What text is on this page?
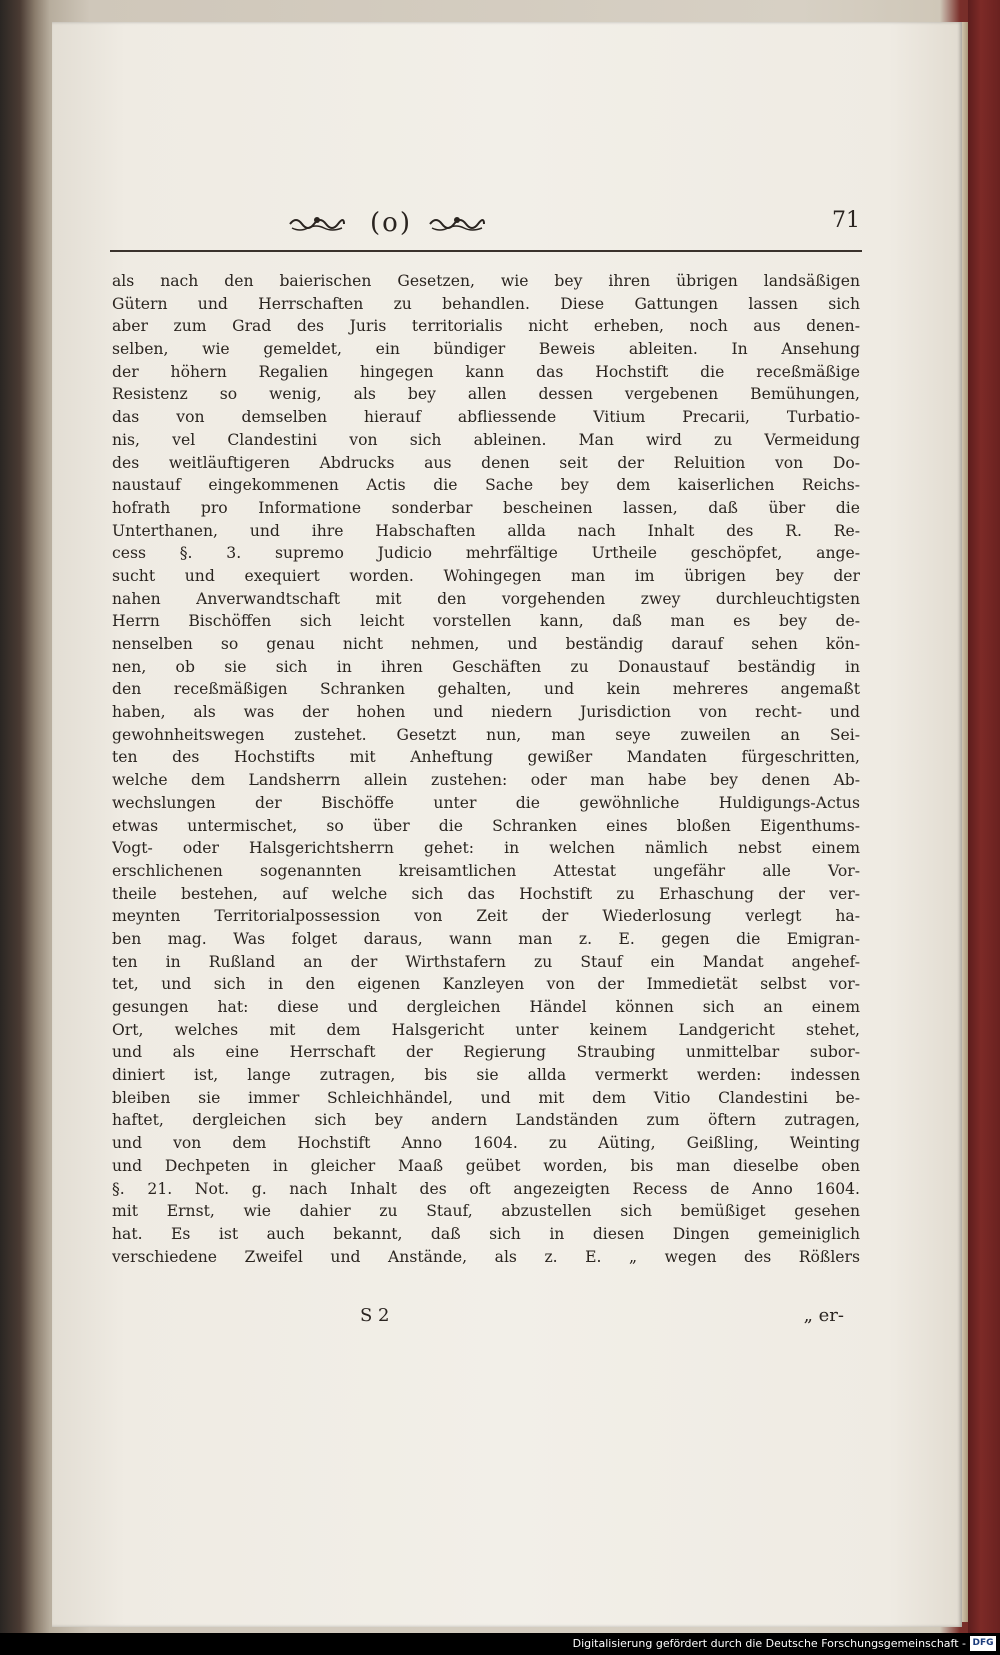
(o)	71
als nach den baierischen Gesetzen, wie bey ihren übrigen landsäßigen
Gütern und Herrschaften zu behandlen. Diese Gattungen lassen sich
aber zum Grad des Juris territorialis nicht erheben, noch aus denen-
selben, wie gemeldet, ein bündiger Beweis ableiten. In Ansehung
der höhern Regalien hingegen kann das Hochstift die receßmäßige
Resistenz so wenig, als bey allen dessen vergebenen Bemühungen,
das von demselben hierauf abfliessende Vitium Precarii, Turbatio-
nis, vel Clandestini von sich ableinen. Man wird zu Vermeidung
des weitläuftigeren Abdrucks aus denen seit der Reluition von Do-
naustauf eingekommenen Actis die Sache bey dem kaiserlichen Reichs-
hofrath pro Informatione sonderbar bescheinen lassen, daß über die
Unterthanen, und ihre Habschaften allda nach Inhalt des R. Re-
cess §. 3. supremo Judicio mehrfältige Urtheile geschöpfet, ange-
sucht und exequiert worden. Wohingegen man im übrigen bey der
nahen Anverwandtschaft mit den vorgehenden zwey durchleuchtigsten
Herrn Bischöffen sich leicht vorstellen kann, daß man es bey de-
nenselben so genau nicht nehmen, und beständig darauf sehen kön-
nen, ob sie sich in ihren Geschäften zu Donaustauf beständig in
den receßmäßigen Schranken gehalten, und kein mehreres angemaßt
haben, als was der hohen und niedern Jurisdiction von recht- und
gewohnheitswegen zustehet. Gesetzt nun, man seye zuweilen an Sei-
ten des Hochstifts mit Anheftung gewißer Mandaten fürgeschritten,
welche dem Landsherrn allein zustehen: oder man habe bey denen Ab-
wechslungen der Bischöffe unter die gewöhnliche Huldigungs-Actus
etwas untermischet, so über die Schranken eines bloßen Eigenthums-
Vogt- oder Halsgerichtsherrn gehet: in welchen nämlich nebst einem
erschlichenen sogenannten kreisamtlichen Attestat ungefähr alle Vor-
theile bestehen, auf welche sich das Hochstift zu Erhaschung der ver-
meynten Territorialpossession von Zeit der Wiederlosung verlegt ha-
ben mag. Was folget daraus, wann man z. E. gegen die Emigran-
ten in Rußland an der Wirthstafern zu Stauf ein Mandat angehef-
tet, und sich in den eigenen Kanzleyen von der Immedietät selbst vor-
gesungen hat: diese und dergleichen Händel können sich an einem
Ort, welches mit dem Halsgericht unter keinem Landgericht stehet,
und als eine Herrschaft der Regierung Straubing unmittelbar subor-
diniert ist, lange zutragen, bis sie allda vermerkt werden: indessen
bleiben sie immer Schleichhändel, und mit dem Vitio Clandestini be-
haftet, dergleichen sich bey andern Landständen zum öftern zutragen,
und von dem Hochstift Anno 1604. zu Aüting, Geißling, Weinting
und Dechpeten in gleicher Maaß geübet worden, bis man dieselbe oben
§. 21. Not. g. nach Inhalt des oft angezeigten Recess de Anno 1604.
mit Ernst, wie dahier zu Stauf, abzustellen sich bemüßiget gesehen
hat. Es ist auch bekannt, daß sich in diesen Dingen gemeiniglich
verschiedene Zweifel und Anstände, als z. E. „ wegen des Rößlers
S 2	„ er-
Digitalisierung gefördert durch die Deutsche Forschungsgemeinschaft - DFG
